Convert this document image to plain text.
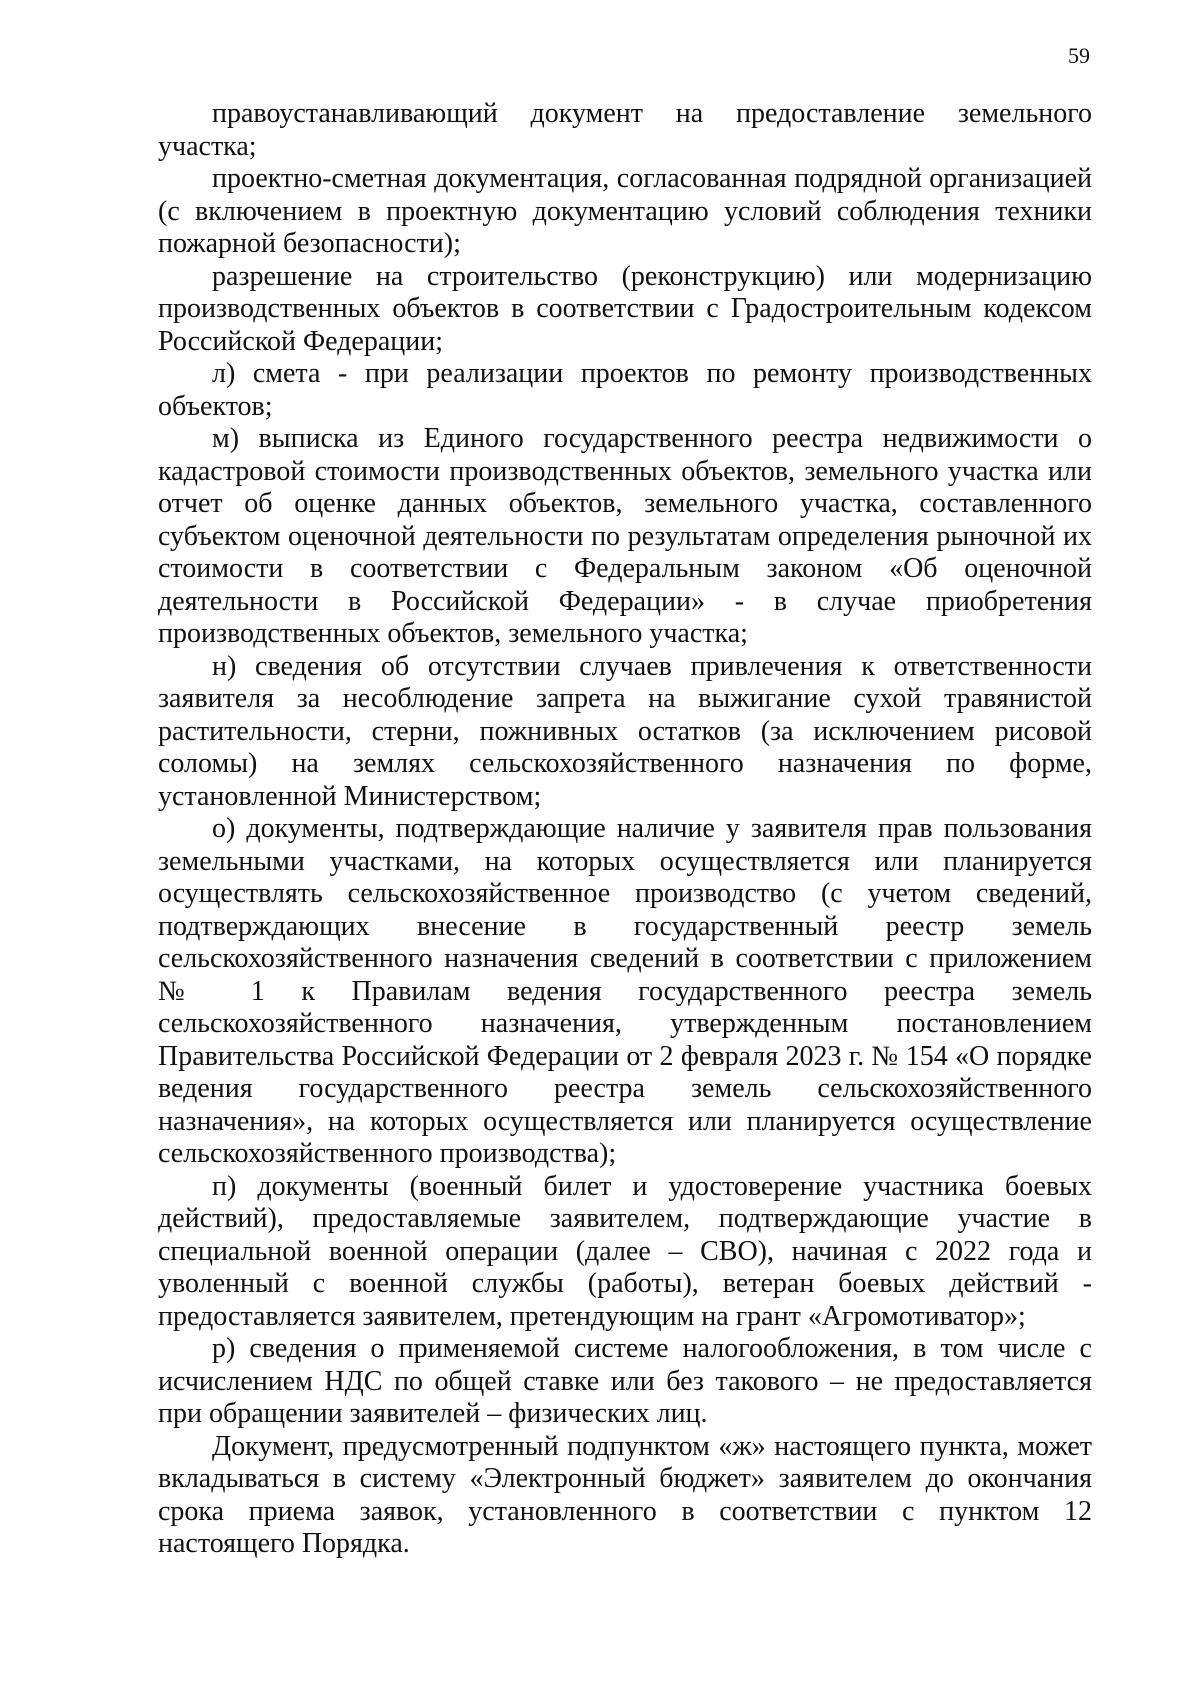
59

правоустанавливающий документ на предоставление земельного участка;

проектно-сметная документация, согласованная подрядной организацией (с включением в проектную документацию условий соблюдения техники пожарной безопасности);

разрешение на строительство (реконструкцию) или модернизацию производственных объектов в соответствии с Градостроительным кодексом Российской Федерации;

л) смета - при реализации проектов по ремонту производственных объектов;

м) выписка из Единого государственного реестра недвижимости о кадастровой стоимости производственных объектов, земельного участка или отчет об оценке данных объектов, земельного участка, составленного субъектом оценочной деятельности по результатам определения рыночной их стоимости в соответствии с Федеральным законом «Об оценочной деятельности в Российской Федерации» - в случае приобретения производственных объектов, земельного участка;

н) сведения об отсутствии случаев привлечения к ответственности заявителя за несоблюдение запрета на выжигание сухой травянистой растительности, стерни, пожнивных остатков (за исключением рисовой соломы) на землях сельскохозяйственного назначения по форме, установленной Министерством;

о) документы, подтверждающие наличие у заявителя прав пользования земельными участками, на которых осуществляется или планируется осуществлять сельскохозяйственное производство (с учетом сведений, подтверждающих внесение в государственный реестр земель сельскохозяйственного назначения сведений в соответствии с приложением № 1 к Правилам ведения государственного реестра земель сельскохозяйственного назначения, утвержденным постановлением Правительства Российской Федерации от 2 февраля 2023 г. № 154 «О порядке ведения государственного реестра земель сельскохозяйственного назначения», на которых осуществляется или планируется осуществление сельскохозяйственного производства);

п) документы (военный билет и удостоверение участника боевых действий), предоставляемые заявителем, подтверждающие участие в специальной военной операции (далее – СВО), начиная с 2022 года и уволенный с военной службы (работы), ветеран боевых действий - предоставляется заявителем, претендующим на грант «Агромотиватор»;

р) сведения о применяемой системе налогообложения, в том числе с исчислением НДС по общей ставке или без такового – не предоставляется при обращении заявителей – физических лиц.

Документ, предусмотренный подпунктом «ж» настоящего пункта, может вкладываться в систему «Электронный бюджет» заявителем до окончания срока приема заявок, установленного в соответствии с пунктом 12 настоящего Порядка.
